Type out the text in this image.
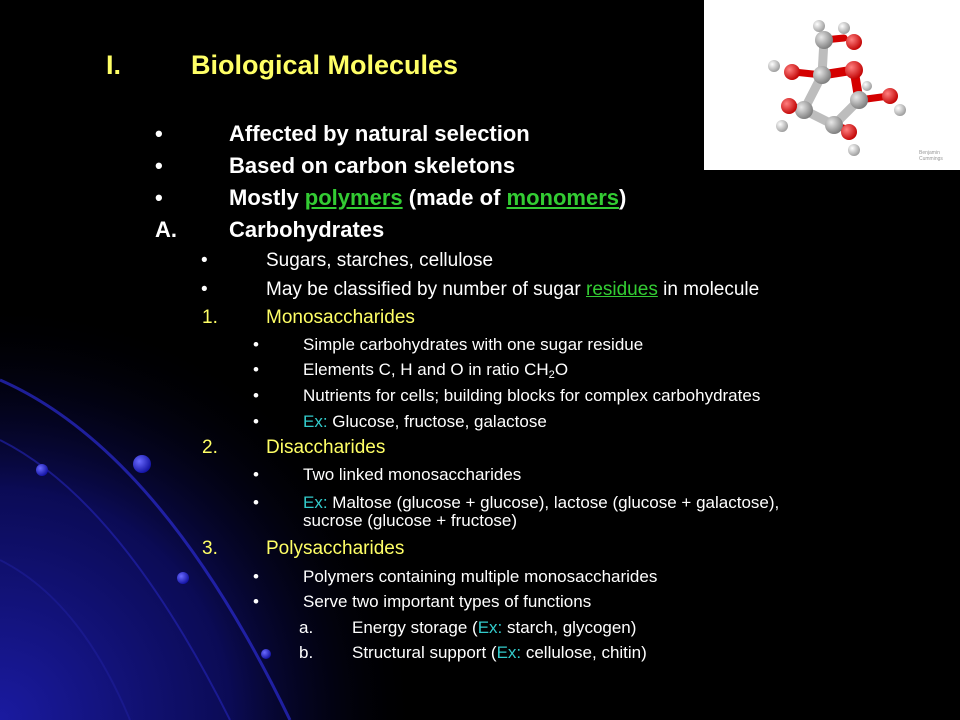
I.	Biological Molecules
•	Affected by natural selection
•	Based on carbon skeletons
•	Mostly polymers (made of monomers)
A. Carbohydrates
•	Sugars, starches, cellulose
•	May be classified by number of sugar residues in molecule
1.	Monosaccharides
•	Simple carbohydrates with one sugar residue
•	Elements C, H and O in ratio $CH_2O$
•	Nutrients for cells; building blocks for complex carbohydrates
•	Ex: Glucose, fructose, galactose
2.	Disaccharides
•	Two linked monosaccharides
•	Ex: Maltose (glucose + glucose), lactose (glucose + galactose),
sucrose (glucose + fructose)
3.	Polysaccharides
•	Polymers containing multiple monosaccharides
•	Serve two important types of functions
a. Energy storage (Ex: starch, glycogen)
b. Structural support (Ex: cellulose, chitin)
Benjamin
Cummings
